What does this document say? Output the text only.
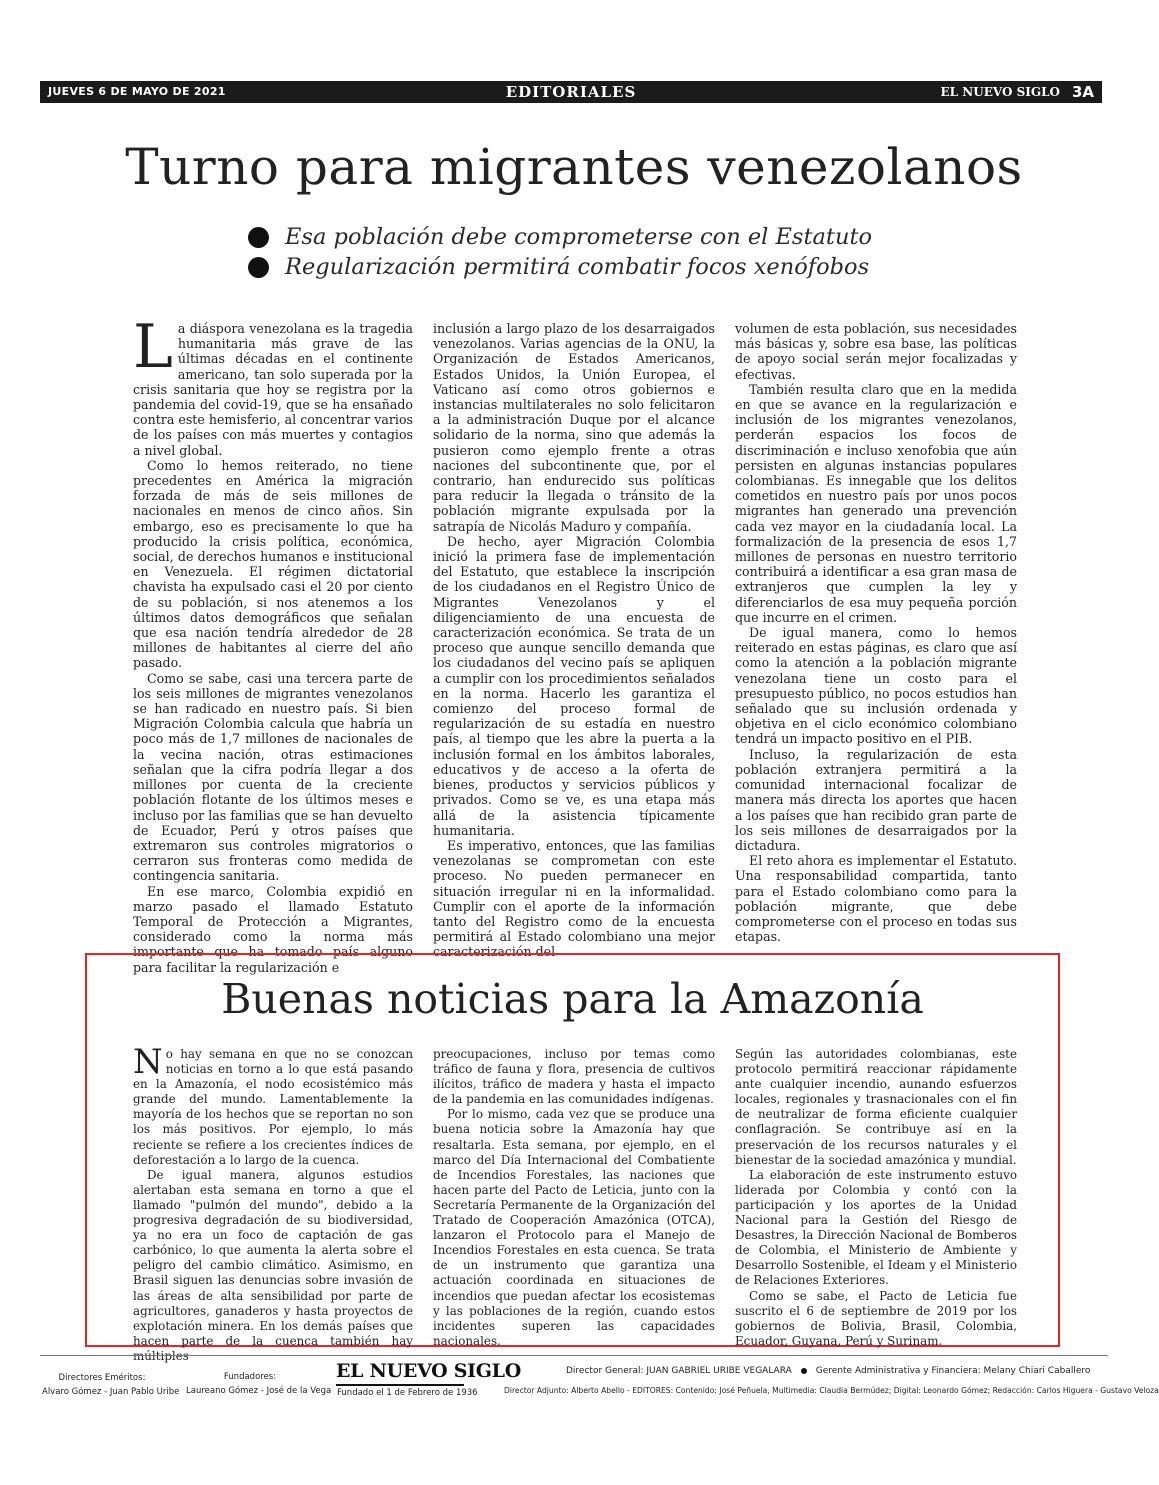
JUEVES 6 DE MAYO DE 2021	EDITORIALES	EL NUEVO SIGLO 3A
Turno para migrantes venezolanos
Esa población debe comprometerse con el Estatuto
Regularización permitirá combatir focos xenófobos

La diáspora venezolana es la tragedia humanitaria más grave de las últimas décadas en el continente americano, tan solo superada por la crisis sanitaria que hoy se registra por la pandemia del covid-19, que se ha ensañado contra este hemisferio, al concentrar varios de los países con más muertes y contagios a nivel global.

Como lo hemos reiterado, no tiene precedentes en América la migración forzada de más de seis millones de nacionales en menos de cinco años. Sin embargo, eso es precisamente lo que ha producido la crisis política, económica, social, de derechos humanos e institucional en Venezuela. El régimen dictatorial chavista ha expulsado casi el 20 por ciento de su población, si nos atenemos a los últimos datos demográficos que señalan que esa nación tendría alrededor de 28 millones de habitantes al cierre del año pasado.

Como se sabe, casi una tercera parte de los seis millones de migrantes venezolanos se han radicado en nuestro país. Si bien Migración Colombia calcula que habría un poco más de 1,7 millones de nacionales de la vecina nación, otras estimaciones señalan que la cifra podría llegar a dos millones por cuenta de la creciente población flotante de los últimos meses e incluso por las familias que se han devuelto de Ecuador, Perú y otros países que extremaron sus controles migratorios o cerraron sus fronteras como medida de contingencia sanitaria.

En ese marco, Colombia expidió en marzo pasado el llamado Estatuto Temporal de Protección a Migrantes, considerado como la norma más importante que ha tomado país alguno para facilitar la regularización e

inclusión a largo plazo de los desarraigados venezolanos. Varias agencias de la ONU, la Organización de Estados Americanos, Estados Unidos, la Unión Europea, el Vaticano así como otros gobiernos e instancias multilaterales no solo felicitaron a la administración Duque por el alcance solidario de la norma, sino que además la pusieron como ejemplo frente a otras naciones del subcontinente que, por el contrario, han endurecido sus políticas para reducir la llegada o tránsito de la población migrante expulsada por la satrapía de Nicolás Maduro y compañía.

De hecho, ayer Migración Colombia inició la primera fase de implementación del Estatuto, que establece la inscripción de los ciudadanos en el Registro Único de Migrantes Venezolanos y el diligenciamiento de una encuesta de caracterización económica. Se trata de un proceso que aunque sencillo demanda que los ciudadanos del vecino país se apliquen a cumplir con los procedimientos señalados en la norma. Hacerlo les garantiza el comienzo del proceso formal de regularización de su estadía en nuestro país, al tiempo que les abre la puerta a la inclusión formal en los ámbitos laborales, educativos y de acceso a la oferta de bienes, productos y servicios públicos y privados. Como se ve, es una etapa más allá de la asistencia típicamente humanitaria.

Es imperativo, entonces, que las familias venezolanas se comprometan con este proceso. No pueden permanecer en situación irregular ni en la informalidad. Cumplir con el aporte de la información tanto del Registro como de la encuesta permitirá al Estado colombiano una mejor caracterización del

volumen de esta población, sus necesidades más básicas y, sobre esa base, las políticas de apoyo social serán mejor focalizadas y efectivas.

También resulta claro que en la medida en que se avance en la regularización e inclusión de los migrantes venezolanos, perderán espacios los focos de discriminación e incluso xenofobia que aún persisten en algunas instancias populares colombianas. Es innegable que los delitos cometidos en nuestro país por unos pocos migrantes han generado una prevención cada vez mayor en la ciudadanía local. La formalización de la presencia de esos 1,7 millones de personas en nuestro territorio contribuirá a identificar a esa gran masa de extranjeros que cumplen la ley y diferenciarlos de esa muy pequeña porción que incurre en el crimen.

De igual manera, como lo hemos reiterado en estas páginas, es claro que así como la atención a la población migrante venezolana tiene un costo para el presupuesto público, no pocos estudios han señalado que su inclusión ordenada y objetiva en el ciclo económico colombiano tendrá un impacto positivo en el PIB.

Incluso, la regularización de esta población extranjera permitirá a la comunidad internacional focalizar de manera más directa los aportes que hacen a los países que han recibido gran parte de los seis millones de desarraigados por la dictadura.

El reto ahora es implementar el Estatuto. Una responsabilidad compartida, tanto para el Estado colombiano como para la población migrante, que debe comprometerse con el proceso en todas sus etapas.

Buenas noticias para la Amazonía

No hay semana en que no se conozcan noticias en torno a lo que está pasando en la Amazonía, el nodo ecosistémico más grande del mundo. Lamentablemente la mayoría de los hechos que se reportan no son los más positivos. Por ejemplo, lo más reciente se refiere a los crecientes índices de deforestación a lo largo de la cuenca.

De igual manera, algunos estudios alertaban esta semana en torno a que el llamado "pulmón del mundo", debido a la progresiva degradación de su biodiversidad, ya no era un foco de captación de gas carbónico, lo que aumenta la alerta sobre el peligro del cambio climático. Asimismo, en Brasil siguen las denuncias sobre invasión de las áreas de alta sensibilidad por parte de agricultores, ganaderos y hasta proyectos de explotación minera. En los demás países que hacen parte de la cuenca también hay

preocupaciones, incluso por temas como tráfico de fauna y flora, presencia de cultivos ilícitos, tráfico de madera y hasta el impacto de la pandemia en las comunidades indígenas.

Por lo mismo, cada vez que se produce una buena noticia sobre la Amazonía hay que resaltarla. Esta semana, por ejemplo, en el marco del Día Internacional del Combatiente de Incendios Forestales, las naciones que hacen parte del Pacto de Leticia, junto con la Secretaría Permanente de la Organización del Tratado de Cooperación Amazónica (OTCA), lanzaron el Protocolo para el Manejo de Incendios Forestales en esta cuenca. Se trata de un instrumento que garantiza una actuación coordinada en situaciones de incendios que puedan afectar los ecosistemas y las poblaciones de la región, cuando estos incidentes superen las capacidades nacionales.

Según las autoridades colombianas, este protocolo permitirá reaccionar rápidamente ante cualquier incendio, aunando esfuerzos locales, regionales y trasnacionales con el fin de neutralizar de forma eficiente cualquier conflagración. Se contribuye así en la preservación de los recursos naturales y el bienestar de la sociedad amazónica y mundial.

La elaboración de este instrumento estuvo liderada por Colombia y contó con la participación y los aportes de la Unidad Nacional para la Gestión del Riesgo de Desastres, la Dirección Nacional de Bomberos de Colombia, el Ministerio de Ambiente y Desarrollo Sostenible, el Ideam y el Ministerio de Relaciones Exteriores.

Como se sabe, el Pacto de Leticia fue suscrito el 6 de septiembre de 2019 por los gobiernos de Bolivia, Brasil, Colombia, Ecuador, Guyana, Perú y Surinam.

Directores Eméritos:
Alvaro Gómez - Juan Pablo Uribe
Fundadores:
Laureano Gómez - José de la Vega
EL NUEVO SIGLO
Fundado el 1 de Febrero de 1936
Director General: JUAN GABRIEL URIBE VEGALARA	Gerente Administrativa y Financiera: Melany Chiari Caballero
Director Adjunto: Alberto Abello - EDITORES: Contenido: José Peñuela, Multimedia: Claudia Bermúdez; Digital: Leonardo Gómez; Redacción: Carlos Higuera - Gustavo Veloza
